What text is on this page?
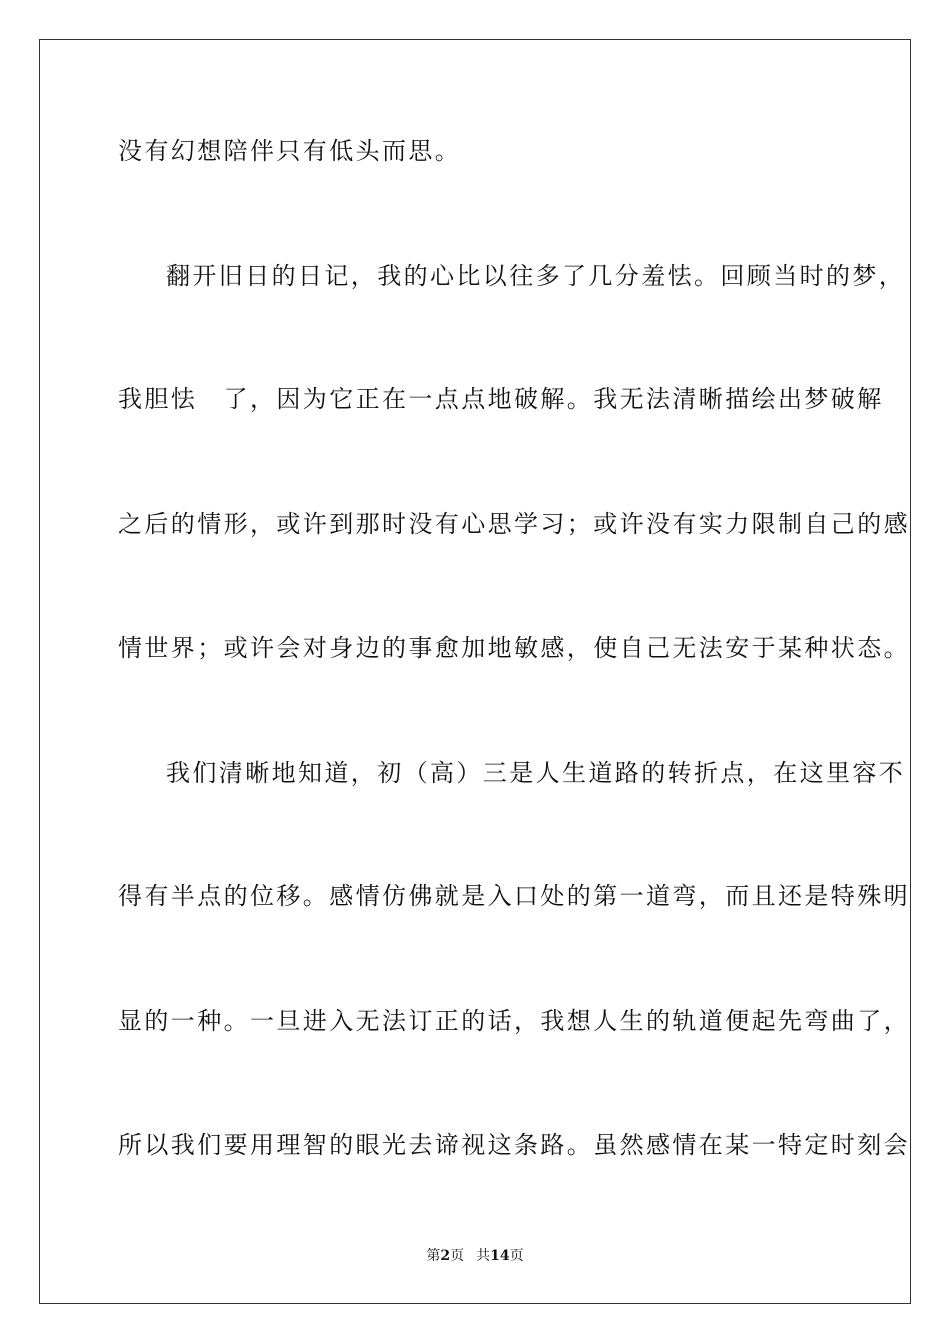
没有幻想陪伴只有低头而思。
翻开旧日的日记，我的心比以往多了几分羞怯。回顾当时的梦，
我胆怯　了，因为它正在一点点地破解。我无法清晰描绘出梦破解
之后的情形，或许到那时没有心思学习；或许没有实力限制自己的感
情世界；或许会对身边的事愈加地敏感，使自己无法安于某种状态。
我们清晰地知道，初（高）三是人生道路的转折点，在这里容不
得有半点的位移。感情仿佛就是入口处的第一道弯，而且还是特殊明
显的一种。一旦进入无法订正的话，我想人生的轨道便起先弯曲了，
所以我们要用理智的眼光去谛视这条路。虽然感情在某一特定时刻会
第2页 共14页
